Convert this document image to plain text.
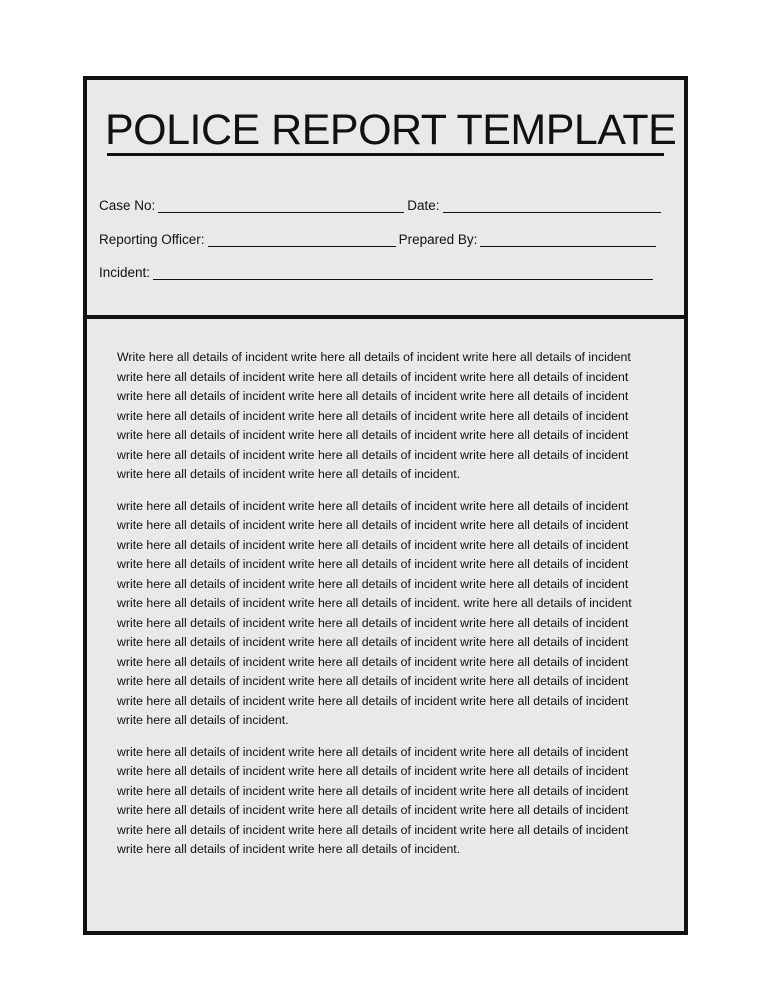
POLICE REPORT TEMPLATE
Case No:	Date:
Reporting Officer:	Prepared By:
Incident:
Write here all details of incident write here all details of incident write here all details of incident
write here all details of incident write here all details of incident write here all details of incident
write here all details of incident write here all details of incident write here all details of incident
write here all details of incident write here all details of incident write here all details of incident
write here all details of incident write here all details of incident write here all details of incident
write here all details of incident write here all details of incident write here all details of incident
write here all details of incident write here all details of incident.
write here all details of incident write here all details of incident write here all details of incident
write here all details of incident write here all details of incident write here all details of incident
write here all details of incident write here all details of incident write here all details of incident
write here all details of incident write here all details of incident write here all details of incident
write here all details of incident write here all details of incident write here all details of incident
write here all details of incident write here all details of incident. write here all details of incident
write here all details of incident write here all details of incident write here all details of incident
write here all details of incident write here all details of incident write here all details of incident
write here all details of incident write here all details of incident write here all details of incident
write here all details of incident write here all details of incident write here all details of incident
write here all details of incident write here all details of incident write here all details of incident
write here all details of incident.
write here all details of incident write here all details of incident write here all details of incident
write here all details of incident write here all details of incident write here all details of incident
write here all details of incident write here all details of incident write here all details of incident
write here all details of incident write here all details of incident write here all details of incident
write here all details of incident write here all details of incident write here all details of incident
write here all details of incident write here all details of incident.
